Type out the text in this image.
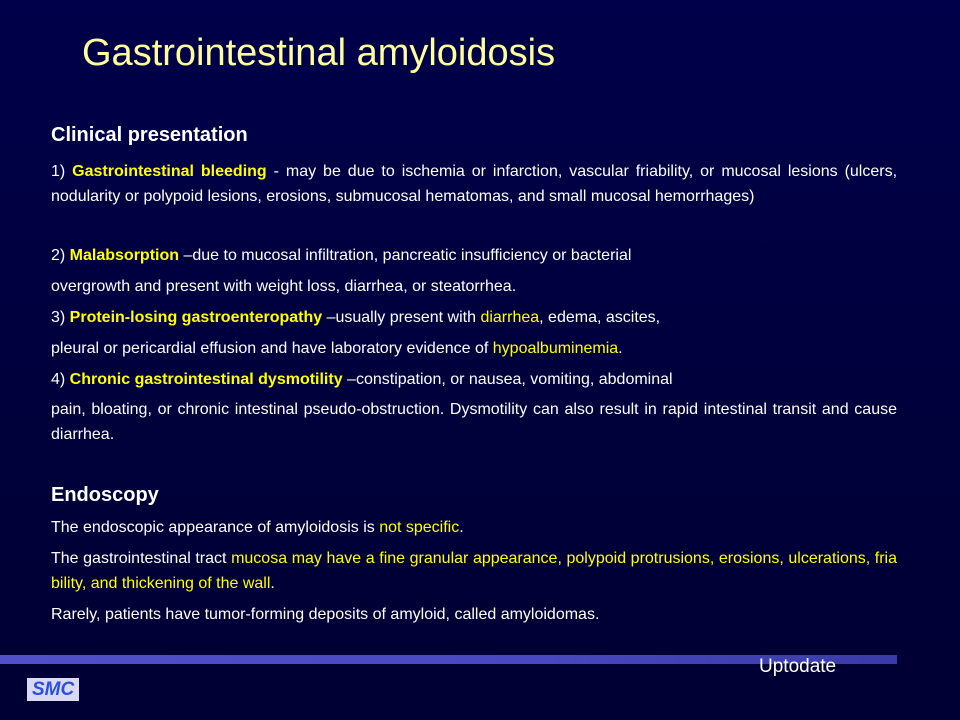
Gastrointestinal amyloidosis

Clinical presentation

1) Gastrointestinal bleeding - may be due to ischemia or infarction, vascular friability, or mucosal lesions (ulcers, nodularity or polypoid lesions, erosions, submucosal hematomas, and small mucosal hemorrhages)

2) Malabsorption –due to mucosal infiltration, pancreatic insufficiency or bacterial
overgrowth and present with weight loss, diarrhea, or steatorrhea.

3) Protein-losing gastroenteropathy –usually present with diarrhea, edema, ascites,
pleural or pericardial effusion and have laboratory evidence of hypoalbuminemia.

4) Chronic gastrointestinal dysmotility –constipation, or nausea, vomiting, abdominal

pain, bloating, or chronic intestinal pseudo-obstruction. Dysmotility can also result in rapid intestinal transit and cause diarrhea.

Endoscopy

The endoscopic appearance of amyloidosis is not specific.

The gastrointestinal tract mucosa may have a fine granular appearance, polypoid protrusions, erosions, ulcerations, friability, and thickening of the wall.

Rarely, patients have tumor-forming deposits of amyloid, called amyloidomas.

Uptodate
SMC
